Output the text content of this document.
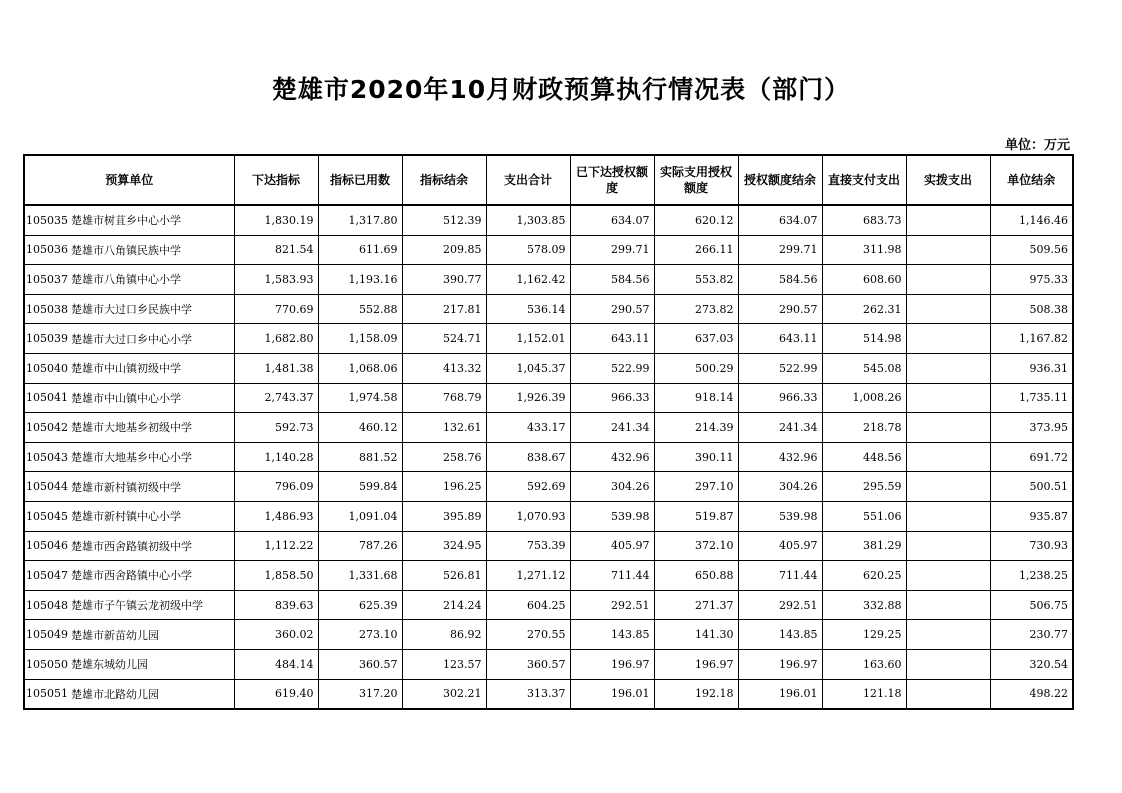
楚雄市2020年10月财政预算执行情况表（部门）
单位：万元
预算单位		下达指标	指标已用数	指标结余	支出合计	已下达授权额度	实际支用授权额度	授权额度结余	直接支付支出	实拨支出	单位结余
105035	楚雄市树苴乡中心小学	1,830.19	1,317.80	512.39	1,303.85	634.07	620.12	634.07	683.73		1,146.46
105036	楚雄市八角镇民族中学	821.54	611.69	209.85	578.09	299.71	266.11	299.71	311.98		509.56
105037	楚雄市八角镇中心小学	1,583.93	1,193.16	390.77	1,162.42	584.56	553.82	584.56	608.60		975.33
105038	楚雄市大过口乡民族中学	770.69	552.88	217.81	536.14	290.57	273.82	290.57	262.31		508.38
105039	楚雄市大过口乡中心小学	1,682.80	1,158.09	524.71	1,152.01	643.11	637.03	643.11	514.98		1,167.82
105040	楚雄市中山镇初级中学	1,481.38	1,068.06	413.32	1,045.37	522.99	500.29	522.99	545.08		936.31
105041	楚雄市中山镇中心小学	2,743.37	1,974.58	768.79	1,926.39	966.33	918.14	966.33	1,008.26		1,735.11
105042	楚雄市大地基乡初级中学	592.73	460.12	132.61	433.17	241.34	214.39	241.34	218.78		373.95
105043	楚雄市大地基乡中心小学	1,140.28	881.52	258.76	838.67	432.96	390.11	432.96	448.56		691.72
105044	楚雄市新村镇初级中学	796.09	599.84	196.25	592.69	304.26	297.10	304.26	295.59		500.51
105045	楚雄市新村镇中心小学	1,486.93	1,091.04	395.89	1,070.93	539.98	519.87	539.98	551.06		935.87
105046	楚雄市西舍路镇初级中学	1,112.22	787.26	324.95	753.39	405.97	372.10	405.97	381.29		730.93
105047	楚雄市西舍路镇中心小学	1,858.50	1,331.68	526.81	1,271.12	711.44	650.88	711.44	620.25		1,238.25
105048	楚雄市子午镇云龙初级中学	839.63	625.39	214.24	604.25	292.51	271.37	292.51	332.88		506.75
105049	楚雄市新苗幼儿园	360.02	273.10	86.92	270.55	143.85	141.30	143.85	129.25		230.77
105050	楚雄东城幼儿园	484.14	360.57	123.57	360.57	196.97	196.97	196.97	163.60		320.54
105051	楚雄市北路幼儿园	619.40	317.20	302.21	313.37	196.01	192.18	196.01	121.18		498.22
